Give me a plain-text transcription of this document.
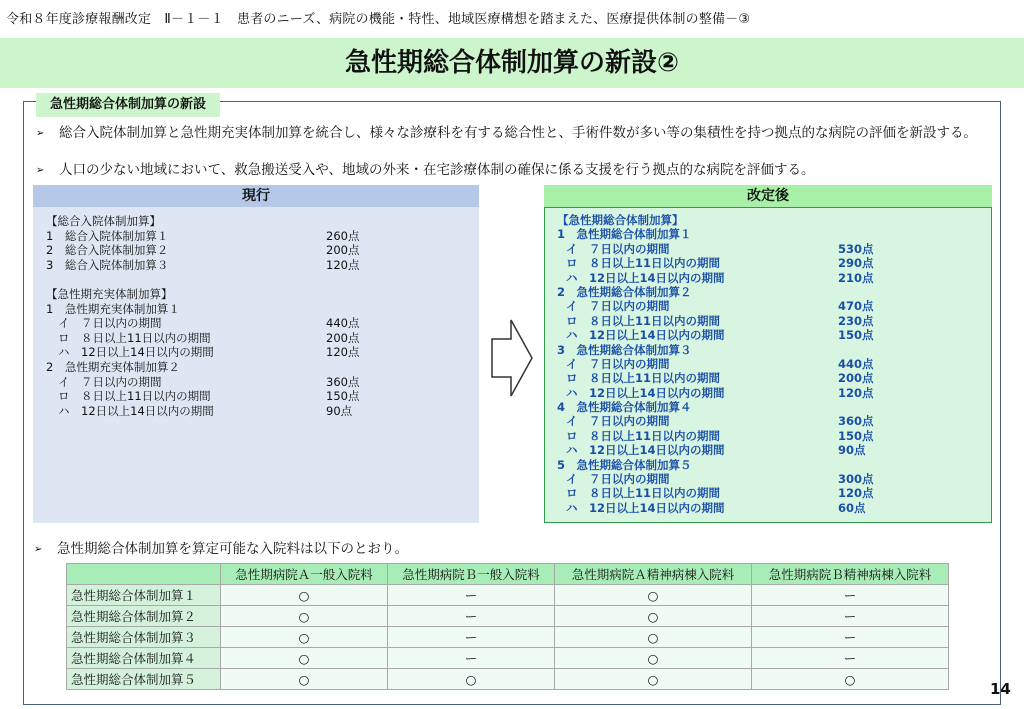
令和８年度診療報酬改定　Ⅱ－１－１　患者のニーズ、病院の機能・特性、地域医療構想を踏まえた、医療提供体制の整備－③
急性期総合体制加算の新設②
急性期総合体制加算の新設
➢	総合入院体制加算と急性期充実体制加算を統合し、様々な診療科を有する総合性と、手術件数が多い等の集積性を持つ拠点的な病院の評価を新設する。
➢	人口の少ない地域において、救急搬送受入や、地域の外来・在宅診療体制の確保に係る支援を行う拠点的な病院を評価する。
現行	改定後
【総合入院体制加算】
1　総合入院体制加算１	260点
2　総合入院体制加算２	200点
3　総合入院体制加算３	120点
【急性期充実体制加算】
1　急性期充実体制加算１
イ　７日以内の期間	440点
ロ　８日以上11日以内の期間	200点
ハ　12日以上14日以内の期間	120点
2　急性期充実体制加算２
イ　７日以内の期間	360点
ロ　８日以上11日以内の期間	150点
ハ　12日以上14日以内の期間	90点
【急性期総合体制加算】
1　急性期総合体制加算１
イ　７日以内の期間	530点
ロ　８日以上11日以内の期間	290点
ハ　12日以上14日以内の期間	210点
2　急性期総合体制加算２
イ　７日以内の期間	470点
ロ　８日以上11日以内の期間	230点
ハ　12日以上14日以内の期間	150点
3　急性期総合体制加算３
イ　７日以内の期間	440点
ロ　８日以上11日以内の期間	200点
ハ　12日以上14日以内の期間	120点
4　急性期総合体制加算４
イ　７日以内の期間	360点
ロ　８日以上11日以内の期間	150点
ハ　12日以上14日以内の期間	90点
5　急性期総合体制加算５
イ　７日以内の期間	300点
ロ　８日以上11日以内の期間	120点
ハ　12日以上14日以内の期間	60点
➢	急性期総合体制加算を算定可能な入院料は以下のとおり。
	急性期病院Ａ一般入院料	急性期病院Ｂ一般入院料	急性期病院Ａ精神病棟入院料	急性期病院Ｂ精神病棟入院料
急性期総合体制加算１	○	ー	○	ー
急性期総合体制加算２	○	ー	○	ー
急性期総合体制加算３	○	ー	○	ー
急性期総合体制加算４	○	ー	○	ー
急性期総合体制加算５	○	○	○	○
14
